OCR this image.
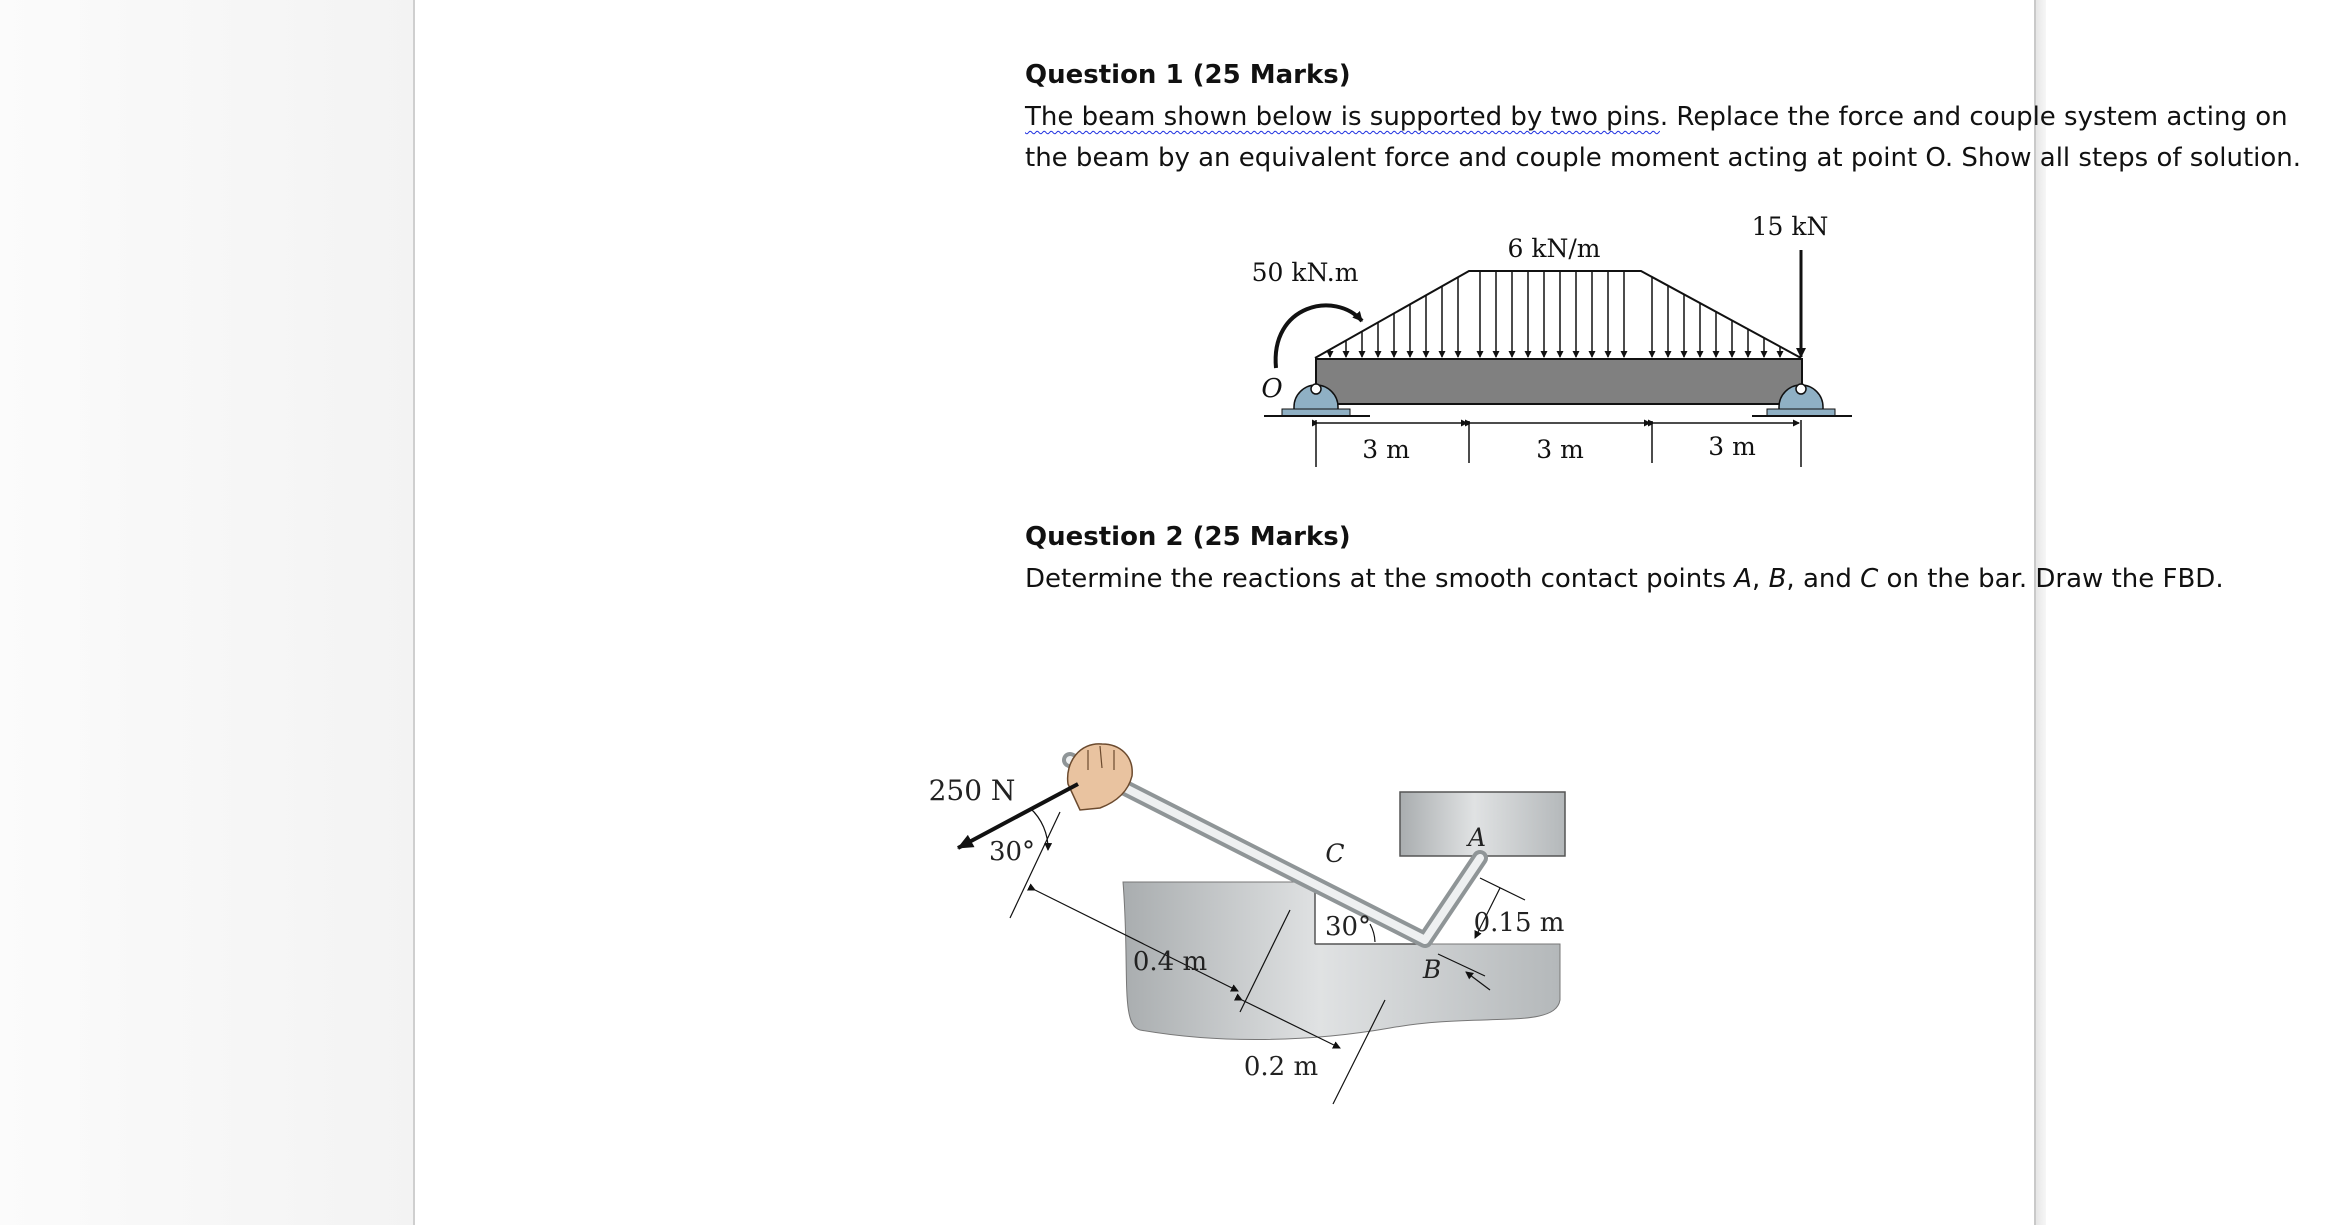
Question 1 (25 Marks)

The beam shown below is supported by two pins. Replace the force and couple system acting on
the beam by an equivalent force and couple moment acting at point O. Show all steps of solution.

Question 2 (25 Marks)

Determine the reactions at the smooth contact points A, B, and C on the bar. Draw the FBD.

6 kN/m
50 kN.m
15 kN
O
3 m	3 m	3 m
250 N
30°
30°
0.4 m
0.2 m
0.15 m
A
B
C
